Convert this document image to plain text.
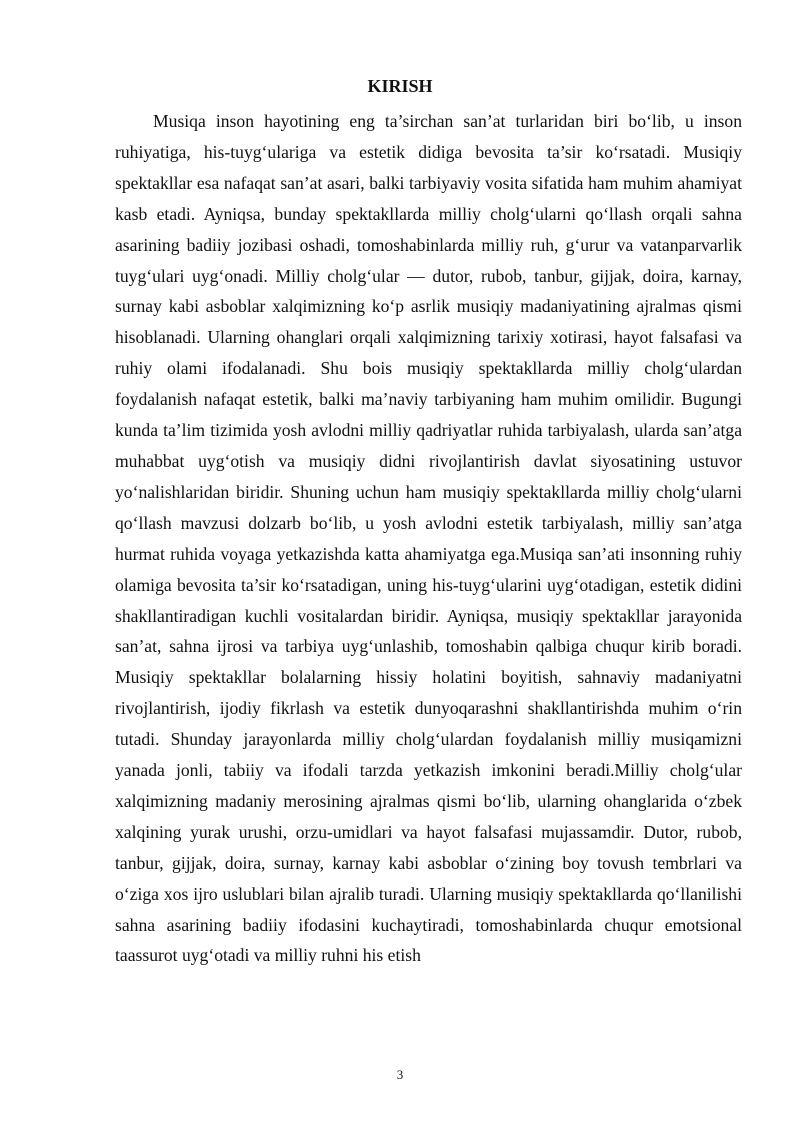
KIRISH

Musiqa inson hayotining eng ta’sirchan san’at turlaridan biri bo‘lib, u inson ruhiyatiga, his-tuyg‘ulariga va estetik didiga bevosita ta’sir ko‘rsatadi. Musiqiy spektakllar esa nafaqat san’at asari, balki tarbiyaviy vosita sifatida ham muhim ahamiyat kasb etadi. Ayniqsa, bunday spektakllarda milliy cholg‘ularni qo‘llash orqali sahna asarining badiiy jozibasi oshadi, tomoshabinlarda milliy ruh, g‘urur va vatanparvarlik tuyg‘ulari uyg‘onadi. Milliy cholg‘ular — dutor, rubob, tanbur, gijjak, doira, karnay, surnay kabi asboblar xalqimizning ko‘p asrlik musiqiy madaniyatining ajralmas qismi hisoblanadi. Ularning ohanglari orqali xalqimizning tarixiy xotirasi, hayot falsafasi va ruhiy olami ifodalanadi. Shu bois musiqiy spektakllarda milliy cholg‘ulardan foydalanish nafaqat estetik, balki ma’naviy tarbiyaning ham muhim omilidir. Bugungi kunda ta’lim tizimida yosh avlodni milliy qadriyatlar ruhida tarbiyalash, ularda san’atga muhabbat uyg‘otish va musiqiy didni rivojlantirish davlat siyosatining ustuvor yo‘nalishlaridan biridir. Shuning uchun ham musiqiy spektakllarda milliy cholg‘ularni qo‘llash mavzusi dolzarb bo‘lib, u yosh avlodni estetik tarbiyalash, milliy san’atga hurmat ruhida voyaga yetkazishda katta ahamiyatga ega.Musiqa san’ati insonning ruhiy olamiga bevosita ta’sir ko‘rsatadigan, uning his-tuyg‘ularini uyg‘otadigan, estetik didini shakllantiradigan kuchli vositalardan biridir. Ayniqsa, musiqiy spektakllar jarayonida san’at, sahna ijrosi va tarbiya uyg‘unlashib, tomoshabin qalbiga chuqur kirib boradi. Musiqiy spektakllar bolalarning hissiy holatini boyitish, sahnaviy madaniyatni rivojlantirish, ijodiy fikrlash va estetik dunyoqarashni shakllantirishda muhim o‘rin tutadi. Shunday jarayonlarda milliy cholg‘ulardan foydalanish milliy musiqamizni yanada jonli, tabiiy va ifodali tarzda yetkazish imkonini beradi.Milliy cholg‘ular xalqimizning madaniy merosining ajralmas qismi bo‘lib, ularning ohanglarida o‘zbek xalqining yurak urushi, orzu-umidlari va hayot falsafasi mujassamdir. Dutor, rubob, tanbur, gijjak, doira, surnay, karnay kabi asboblar o‘zining boy tovush tembrlari va o‘ziga xos ijro uslublari bilan ajralib turadi. Ularning musiqiy spektakllarda qo‘llanilishi sahna asarining badiiy ifodasini kuchaytiradi, tomoshabinlarda chuqur emotsional taassurot uyg‘otadi va milliy ruhni his etish

3
